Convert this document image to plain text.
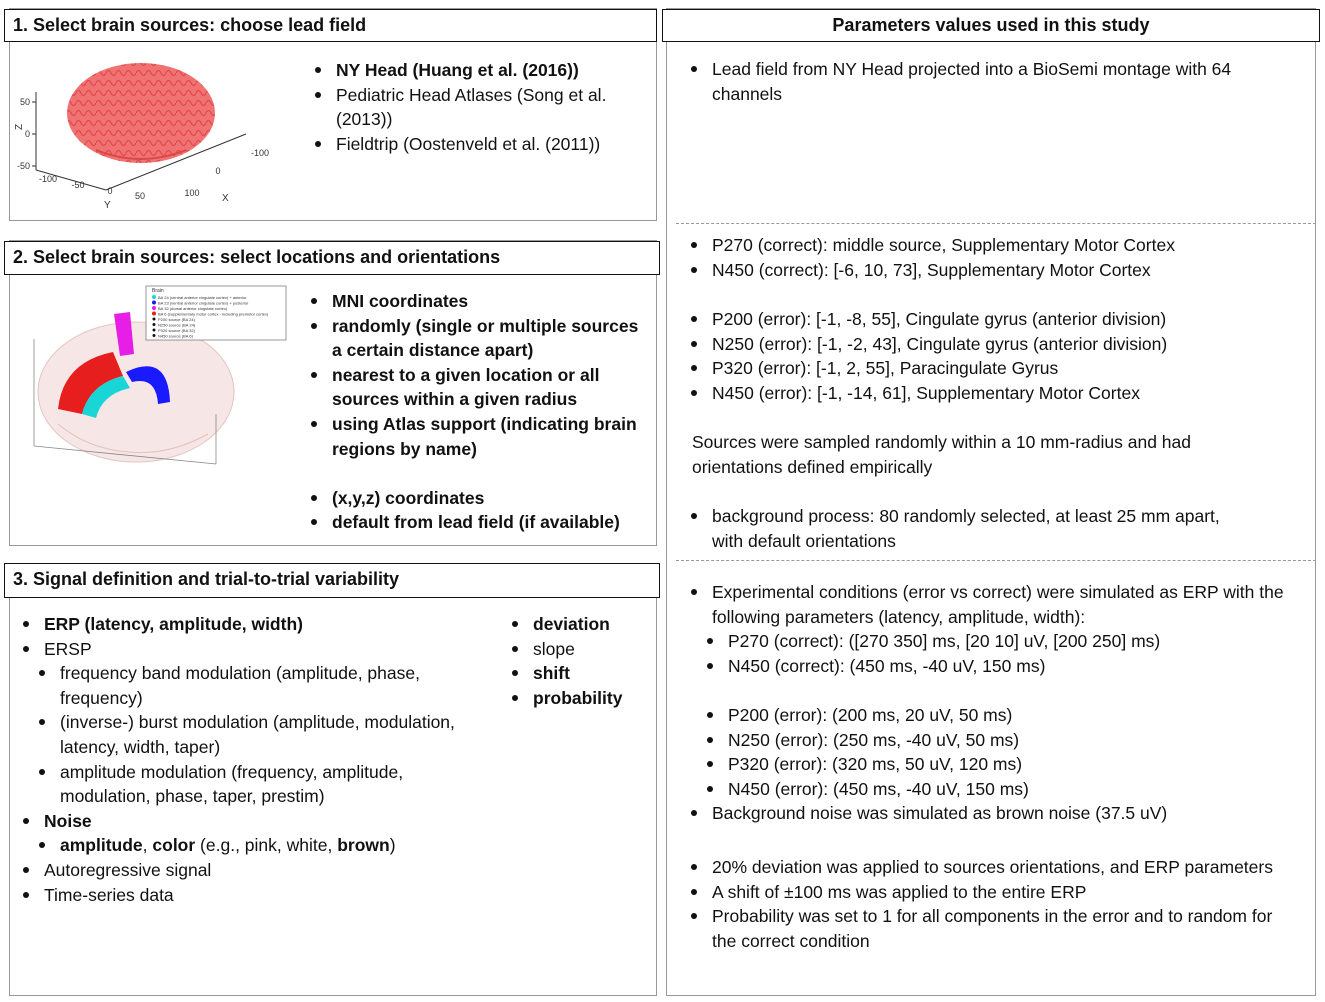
1. Select brain sources: choose lead field
2. Select brain sources: select locations and orientations
3. Signal definition and trial-to-trial variability
Parameters values used in this study
50
0
-50
Z
-100
-50
0 50
Y
100
0
-100
X
NY Head (Huang et al. (2016))
Pediatric Head Atlases (Song et al. (2013))
Fieldtrip (Oostenveld et al. (2011))
Brain
BA 24 (ventral anterior cingulate cortex) + anterior
BA 23 (ventral anterior cingulate cortex) + posterior
BA 32 (dorsal anterior cingulate cortex)
BA 6 (supplementary motor cortex - including premotor cortex)
P200 source (BA 24)
N250 source (BA 24)
P320 source (BA 32)
N450 source (BA 6)
MNI coordinates
randomly (single or multiple sources a certain distance apart)
nearest to a given location or all sources within a given radius
using Atlas support (indicating brain regions by name)
(x,y,z) coordinates
default from lead field (if available)
ERP (latency, amplitude, width)
ERSP
frequency band modulation (amplitude, phase, frequency)
(inverse-) burst modulation (amplitude, modulation, latency, width, taper)
amplitude modulation (frequency, amplitude, modulation, phase, taper, prestim)
Noise
amplitude, color (e.g., pink, white, brown)
Autoregressive signal
Time-series data
deviation
slope
shift
probability
Lead field from NY Head projected into a BioSemi montage with 64 channels
P270 (correct): middle source, Supplementary Motor Cortex
N450 (correct): [-6, 10, 73], Supplementary Motor Cortex
P200 (error): [-1, -8, 55], Cingulate gyrus (anterior division)
N250 (error): [-1, -2, 43], Cingulate gyrus (anterior division)
P320 (error): [-1, 2, 55], Paracingulate Gyrus
N450 (error): [-1, -14, 61], Supplementary Motor Cortex
Sources were sampled randomly within a 10 mm-radius and had orientations defined empirically
background process: 80 randomly selected, at least 25 mm apart, with default orientations
Experimental conditions (error vs correct) were simulated as ERP with the following parameters (latency, amplitude, width):
P270 (correct): ([270 350] ms, [20 10] uV, [200 250] ms)
N450 (correct): (450 ms, -40 uV, 150 ms)
P200 (error): (200 ms, 20 uV, 50 ms)
N250 (error): (250 ms, -40 uV, 50 ms)
P320 (error): (320 ms, 50 uV, 120 ms)
N450 (error): (450 ms, -40 uV, 150 ms)
Background noise was simulated as brown noise (37.5 uV)
20% deviation was applied to sources orientations, and ERP parameters
A shift of ±100 ms was applied to the entire ERP
Probability was set to 1 for all components in the error and to random for the correct condition
